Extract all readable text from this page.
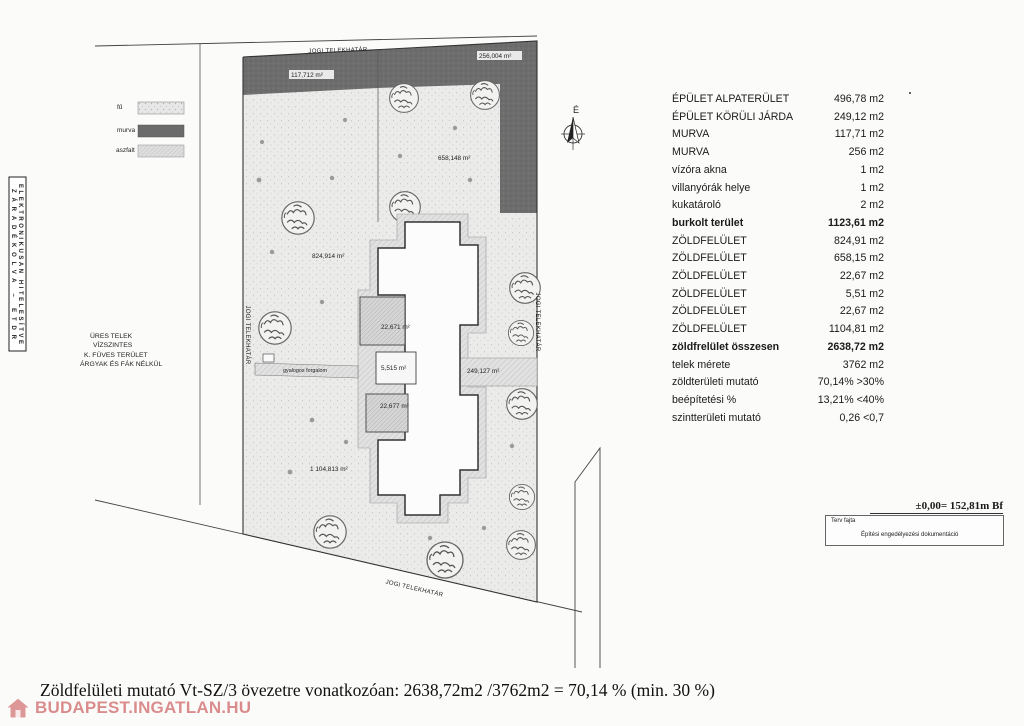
117,712 m²
256,004 m²
658,148 m²
824,914 m²
22,671 m²
5,515 m²	249,127 m²
22,677 m²
1 104,813 m²
gyalogos forgalom
JOGI TELEKHATÁR
JOGI TELEKHATÁR	JOGI TELEKHATÁR
JOGI TELEKHATÁR
fű
murva
aszfalt
É
ELEKTRONIKUSAN HITELESÍTVE
ZÁRADÉKOLVA – ETDR	ÜRES TELEK
VÍZSZINTES
K. FÜVES TERÜLET
ÁRGYAK ÉS FÁK NÉLKÜL
ÉPÜLET ALPATERÜLET	496,78 m2
ÉPÜLET KÖRÜLI JÁRDA	249,12 m2
MURVA	117,71 m2
MURVA	256 m2
vízóra akna	1 m2
villanyórák helye	1 m2
kukatároló	2 m2
burkolt terület	1123,61 m2
ZÖLDFELÜLET	824,91 m2
ZÖLDFELÜLET	658,15 m2
ZÖLDFELÜLET	22,67 m2
ZÖLDFELÜLET	5,51 m2
ZÖLDFELÜLET	22,67 m2
ZÖLDFELÜLET	1104,81 m2
zöldfrelület összesen	2638,72 m2
telek mérete	3762 m2
zöldterületi mutató	70,14% >30%
beépítetési %	13,21% <40%
szintterületi mutató	0,26 <0,7
±0,00= 152,81m Bf
Terv fajta
Építési engedélyezési dokumentáció
Zöldfelületi mutató Vt-SZ/3 övezetre vonatkozóan: 2638,72m2 /3762m2 = 70,14 % (min. 30 %)
BUDAPEST.INGATLAN.HU
